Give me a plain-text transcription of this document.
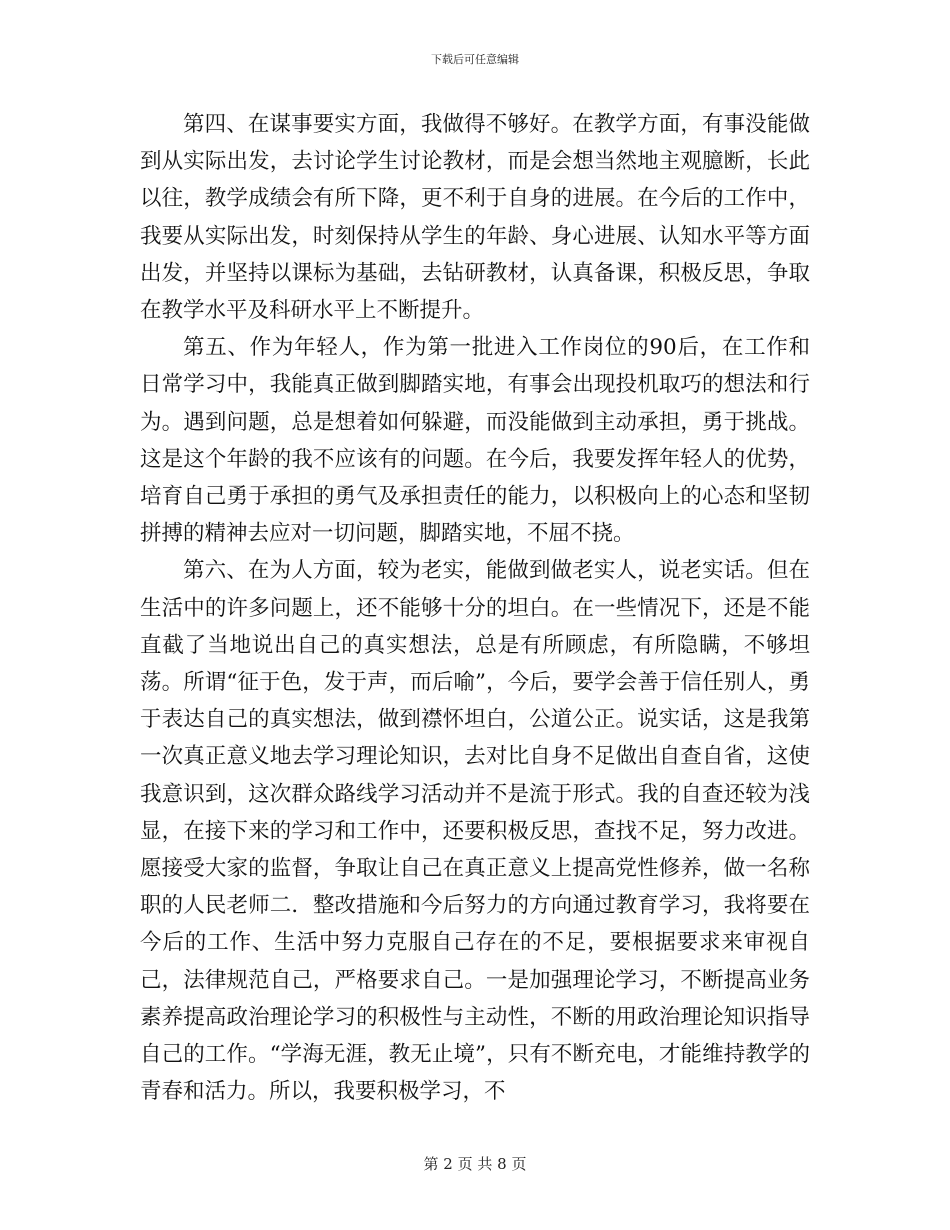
下载后可任意编辑

第四、在谋事要实方面，我做得不够好。在教学方面，有事没能做到从实际出发，去讨论学生讨论教材，而是会想当然地主观臆断，长此以往，教学成绩会有所下降，更不利于自身的进展。在今后的工作中，我要从实际出发，时刻保持从学生的年龄、身心进展、认知水平等方面出发，并坚持以课标为基础，去钻研教材，认真备课，积极反思，争取在教学水平及科研水平上不断提升。

第五、作为年轻人，作为第一批进入工作岗位的90后，在工作和日常学习中，我能真正做到脚踏实地，有事会出现投机取巧的想法和行为。遇到问题，总是想着如何躲避，而没能做到主动承担，勇于挑战。这是这个年龄的我不应该有的问题。在今后，我要发挥年轻人的优势，培育自己勇于承担的勇气及承担责任的能力，以积极向上的心态和坚韧拼搏的精神去应对一切问题，脚踏实地，不屈不挠。

第六、在为人方面，较为老实，能做到做老实人，说老实话。但在生活中的许多问题上，还不能够十分的坦白。在一些情况下，还是不能直截了当地说出自己的真实想法，总是有所顾虑，有所隐瞒，不够坦荡。所谓“征于色，发于声，而后喻”，今后，要学会善于信任别人，勇于表达自己的真实想法，做到襟怀坦白，公道公正。说实话，这是我第一次真正意义地去学习理论知识，去对比自身不足做出自查自省，这使我意识到，这次群众路线学习活动并不是流于形式。我的自查还较为浅显，在接下来的学习和工作中，还要积极反思，查找不足，努力改进。愿接受大家的监督，争取让自己在真正意义上提高党性修养，做一名称职的人民老师二．整改措施和今后努力的方向通过教育学习，我将要在今后的工作、生活中努力克服自己存在的不足，要根据要求来审视自己，法律规范自己，严格要求自己。一是加强理论学习，不断提高业务素养提高政治理论学习的积极性与主动性，不断的用政治理论知识指导自己的工作。“学海无涯，教无止境”，只有不断充电，才能维持教学的青春和活力。所以，我要积极学习，不

第 2 页 共 8 页
